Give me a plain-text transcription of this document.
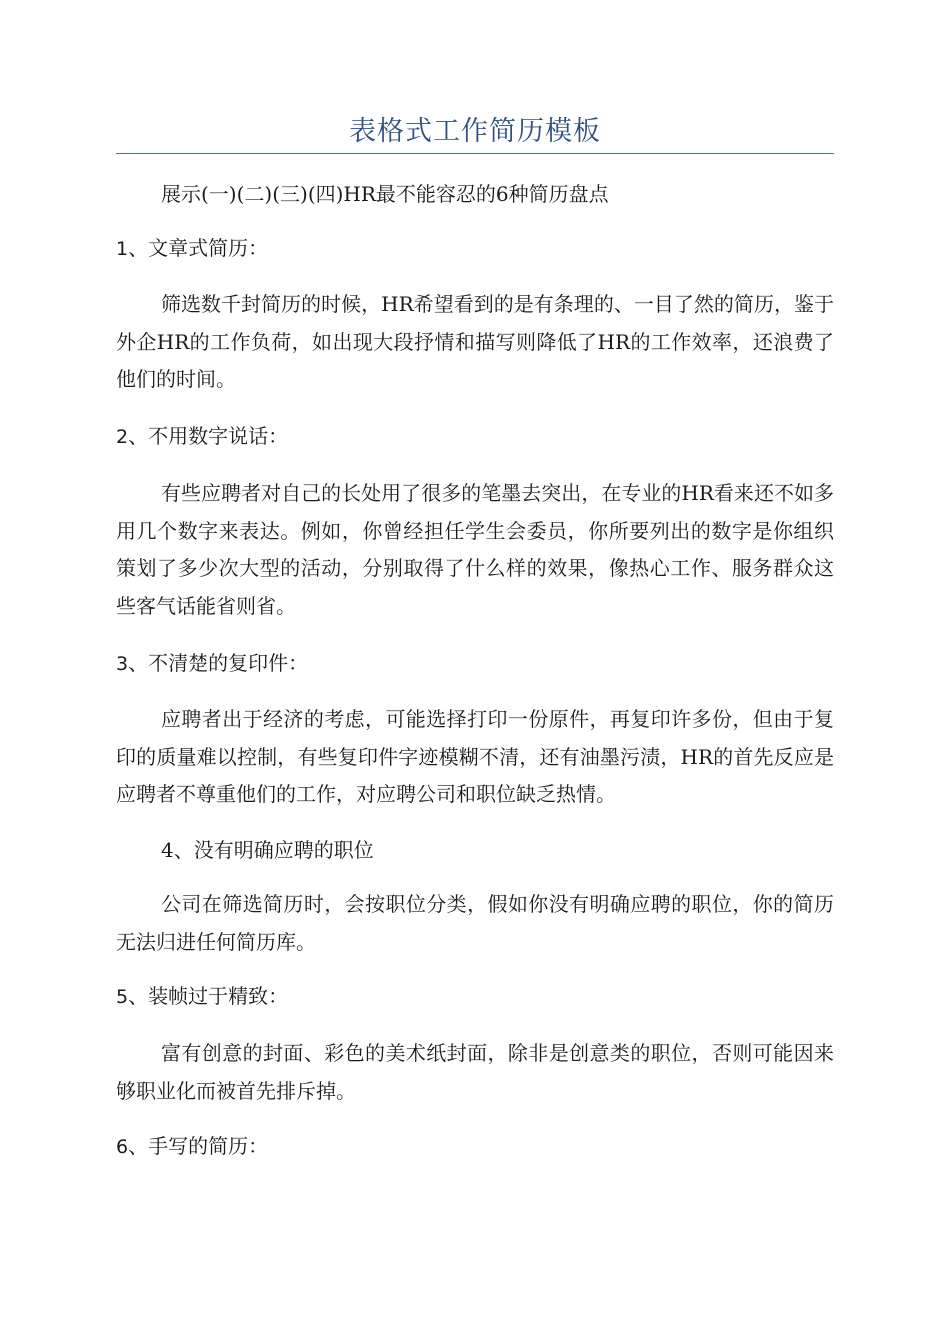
表格式工作简历模板

展示(一)(二)(三)(四)HR最不能容忍的6种简历盘点

1、文章式简历：

筛选数千封简历的时候，HR希望看到的是有条理的、一目了然的简历，鉴于外企HR的工作负荷，如出现大段抒情和描写则降低了HR的工作效率，还浪费了他们的时间。

2、不用数字说话：

有些应聘者对自己的长处用了很多的笔墨去突出，在专业的HR看来还不如多用几个数字来表达。例如，你曾经担任学生会委员，你所要列出的数字是你组织策划了多少次大型的活动，分别取得了什么样的效果，像热心工作、服务群众这些客气话能省则省。

3、不清楚的复印件：

应聘者出于经济的考虑，可能选择打印一份原件，再复印许多份，但由于复印的质量难以控制，有些复印件字迹模糊不清，还有油墨污渍，HR的首先反应是应聘者不尊重他们的工作，对应聘公司和职位缺乏热情。

4、没有明确应聘的职位

公司在筛选简历时，会按职位分类，假如你没有明确应聘的职位，你的简历无法归进任何简历库。

5、装帧过于精致：

富有创意的封面、彩色的美术纸封面，除非是创意类的职位，否则可能因来够职业化而被首先排斥掉。

6、手写的简历：
